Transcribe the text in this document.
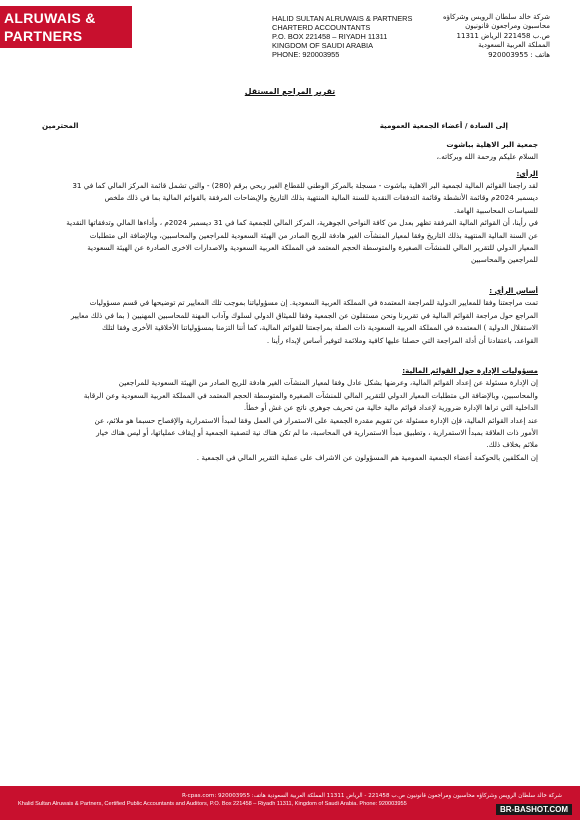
ALRUWAIS &
PARTNERS
HALID SULTAN ALRUWAIS & PARTNERS
CHARTERD ACCOUNTANTS
P.O. BOX 221458 – RIYADH 11311
KINGDOM OF SAUDI ARABIA
PHONE: 920003955
شركة خالد سلطان الرويس وشركاؤه
محاسبون ومراجعون قانونيون
ص.ب 221458 الرياض 11311
المملكة العربية السعودية
هاتف : 920003955
تقرير المراجع المستقل
إلى السادة / أعضاء الجمعية العمومية
المحترمين
جمعية البر الاهلية بباشوت
السلام عليكم ورحمة الله وبركاته.،
الرأي:
لقد راجعنا القوائم المالية لجمعية البر الاهلية بباشوت - مسجلة بالمركز الوطني للقطاع الغير ربحي برقم (280) - والتي تشمل قائمة المركز المالي كما في 31
ديسمبر 2024م وقائمة الأنشطة وقائمة التدفقات النقدية للسنة المالية المنتهية بذلك التاريخ والإيضاحات المرفقة بالقوائم المالية بما في ذلك ملخص
للسياسات المحاسبية الهامة.
في رأينا، أن القوائم المالية المرفقة تظهر بعدل من كافة النواحي الجوهرية، المركز المالي للجمعية كما في 31 ديسمبر 2024م ، وأداءها المالي وتدفقاتها النقدية
عن السنة المالية المنتهية بذلك التاريخ وفقا لمعيار المنشآت الغير هادفة للربح الصادر من الهيئة السعودية للمراجعين والمحاسبين، وبالإضافة الى متطلبات
المعيار الدولي للتقرير المالي للمنشآت الصغيرة والمتوسطة الحجم المعتمد في المملكة العربية السعودية والاصدارات الاخرى الصادرة عن الهيئة السعودية
للمراجعين والمحاسبين
أساس الرأي :
تمت مراجعتنا وفقا للمعايير الدولية للمراجعة المعتمدة في المملكة العربية السعودية. إن مسؤولياتنا بموجب تلك المعايير تم توضيحها في قسم مسؤوليات
المراجع حول مراجعة القوائم المالية في تقريرنا ونحن مستقلون عن الجمعية وفقا للميثاق الدولي لسلوك وآداب المهنة للمحاسبين المهنيين ( بما في ذلك معايير
الاستقلال الدولية ) المعتمدة في المملكة العربية السعودية ذات الصلة بمراجعتنا للقوائم المالية، كما أننا التزمنا بمسؤولياتنا الأخلاقية الأخرى وفقا لتلك
القواعد، باعتقادنا أن أدلة المراجعة التي حصلنا عليها كافية وملائمة لتوفير أساس لإبداء رأينا .
مسؤوليات الإدارة حول القوائم المالية:
إن الإدارة مسئولة عن إعداد القوائم المالية، وعرضها بشكل عادل وفقا لمعيار المنشآت الغير هادفة للربح الصادر من الهيئة السعودية للمراجعين
والمحاسبين، وبالإضافة الى متطلبات المعيار الدولي للتقرير المالي للمنشآت الصغيرة والمتوسطة الحجم المعتمد في المملكة العربية السعودية وعن الرقابة
الداخلية التي تراها الإدارة ضرورية لإعداد قوائم مالية خالية من تحريف جوهري ناتج عن غش أو خطأ.
عند إعداد القوائم المالية، فإن الإدارة مسئولة عن تقويم مقدرة الجمعية على الاستمرار في العمل وفقا لمبدأ الاستمرارية والإفصاح حسبما هو ملائم، عن
الأمور ذات العلاقة بمبدأ الاستمرارية ، وتطبيق مبدأ الاستمرارية في المحاسبة، ما لم تكن هناك نية لتصفية الجمعية أو إيقاف عملياتها، أو ليس هناك خيار
ملائم بخلاف ذلك.
إن المكلفين بالحوكمة أعضاء الجمعية العمومية هم المسؤولون عن الاشراف على عملية التقرير المالي في الجمعية .
شركة خالد سلطان الرويس وشركاؤه محاسبون ومراجعون قانونيون ص.ب 221458 - الرياض 11311 المملكة العربية السعودية هاتف: 920003955 :R-cpas.com
Khalid Sultan Alruwais & Partners, Certified Public Accountants and Auditors, P.O. Box 221458 – Riyadh 11311, Kingdom of Saudi Arabia. Phone: 920003955
BR-BASHOT.COM
